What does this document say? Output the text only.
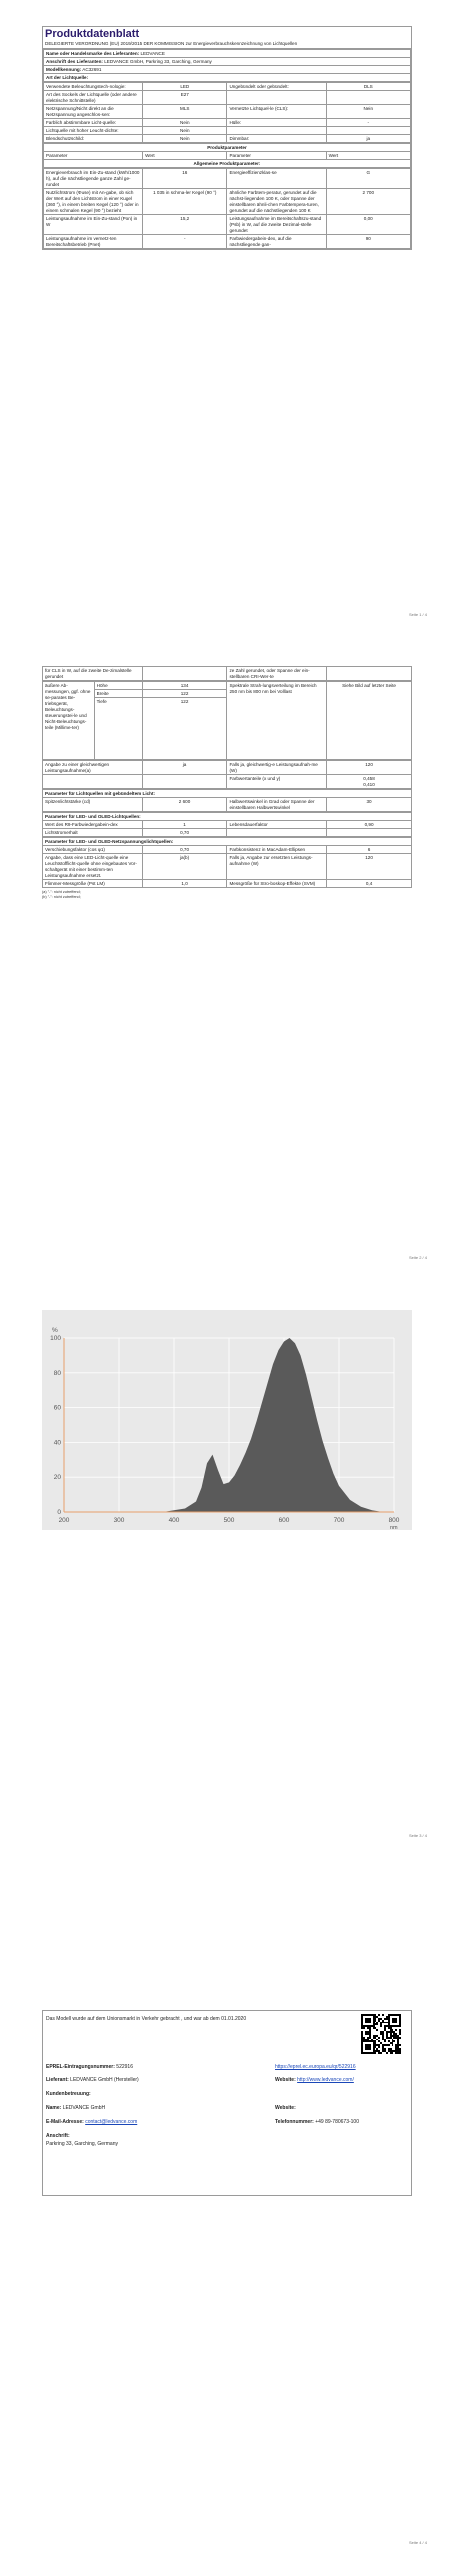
Produktdatenblatt
DELEGIERTE VERORDNUNG (EU) 2019/2015 DER KOMMISSION zur Energieverbrauchskennzeichnung von Lichtquellen
Name oder Handelsmarke des Lieferanten: LEDVANCE
Anschrift des Lieferanten: LEDVANCE GmbH, Parkring 33, Garching, Germany
Modellkennung: AC32691
Art der Lichtquelle:
Verwendete Beleuchtungstech-nologie:	LED	Ungebündelt oder gebündelt:	DLS
Art des Sockels der Lichtquelle (oder andere elektrische Schnittstelle)	E27		
Netzspannung/Nicht direkt an die Netzspannung angeschlos-sen:	MLS	Vernetzte Lichtquel-le (CLS):	Nein
Farblich abstimmbare Licht-quelle:	Nein	Hülle:	-
Lichtquelle mit hoher Leucht-dichte:	Nein		
Blendschutzschild:	Nein	Dimmbar:	ja
Produktparameter
Parameter	Wert	Parameter	Wert
Allgemeine Produktparameter:
Energieverbrauch im Ein-Zu-stand (kWh/1000 h), auf die nächstliegende ganze Zahl ge-rundet	16	Energieeffizienzklas-se	G
Nutzlichtstrom (Φuse) mit An-gabe, ob sich der Wert auf den Lichtstrom in einer Kugel (360 °), in einem breiten Kegel (120 °) oder in einem schmalen Kegel (90 °) bezieht	1 035 in schma-ler Kegel (90 °)	ähnliche Farbtem-peratur, gerundet auf die nächst-liegenden 100 K, oder Spanne der einstellbaren ähnli-chen Farbtempera-turen, gerundet auf die nächstliegenden 100 K	2 700
Leistungsaufnahme im Ein-Zu-stand (Pon) in W	15,2	Leistungsaufnahme im Bereitschaftszu-stand (Psb) in W, auf die zweite Dezimal-stelle gerundet	0,00
Leistungsaufnahme im vernetz-ten Bereitschaftsbetrieb (Pnet)	-	Farbwiedergabein-dex, auf die nächstliegende gan-	90
Seite 1 / 4
für CLS in W, auf die zweite De-zimalstelle gerundet		ze Zahl gerundet, oder Spanne der ein-stellbaren CRI-Wer-te	
äußere Ab-messungen, ggf. ohne se-parates Be-triebsgerät, Beleuchtungs-steuerungstei-le und Nicht-Beleuchtungs-teile (Millime-ter)	Höhe	134	Spektrale Strah-lungsverteilung im Bereich 250 nm bis 800 nm bei Volllast	Siehe Bild auf letzter Seite
	Breite	122		
	Tiefe	122		
Angabe zu einer gleichwertigen Leistungsaufnahme(a)	ja	Falls ja, gleichwertig-e Leistungsaufnah-me (W)	120
		Farbwertanteile (x und y)	0,458
0,410
Parameter für Lichtquellen mit gebündeltem Licht:
Spitzenlichtstärke (cd)	2 600	Halbwertswinkel in Grad oder Spanne der einstellbaren Halbwertswinkel	30
Parameter für LED- und OLED-Lichtquellen:			
Wert des R9-Farbwiedergabein-dex	1	Lebensdauerfaktor	0,90
Lichtstromerhalt	0,70		
Parameter für LED- und OLED-Netzspannungslichtquellen:			
Verschiebungsfaktor (cos φ1)	0,70	Farbkonsistenz in MacAdam-Ellipsen	6
Angabe, dass eine LED-Licht-quelle eine Leuchtstofflicht-quelle ohne eingebautes Vor-schaltgerät mit einer bestimm-ten Leistungsaufnahme ersetzt.	ja(b)	Falls ja, Angabe zur ersetzten Leistungs-aufnahme (W)	120
Flimmer-Messgröße (Pst LM)	1,0	Messgröße für Stro-boskop-Effekte (SVM)	0,4
(a) "-": nicht zutreffend;
(b) "-": nicht zutreffend;
Seite 2 / 4
Seite 3 / 4
0
20
40
60
80
100
200	300	400	500	600	700	800
%
nm
Das Modell wurde auf dem Unionsmarkt in Verkehr gebracht , und war ab dem 01.01.2020
EPREL-Eintragungsnummer: 522916	https://eprel.ec.europa.eu/qr/522916
Lieferant: LEDVANCE GmbH (Hersteller)	Website: http://www.ledvance.com/
Kundenbetreuung:
Name: LEDVANCE GmbH	Website:
E-Mail-Adresse: contact@ledvance.com	Telefonnummer: +49 89-780673-100
Anschrift:
Parkring 33, Garching, Germany
Seite 4 / 4
